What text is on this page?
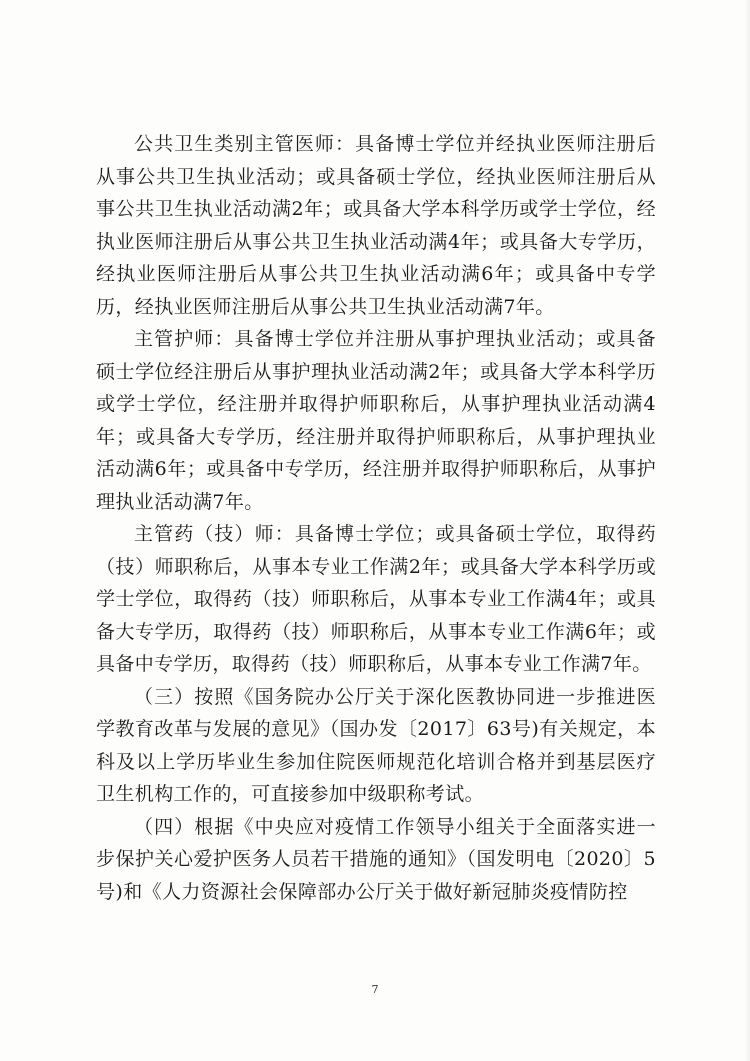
公共卫生类别主管医师：具备博士学位并经执业医师注册后从事公共卫生执业活动；或具备硕士学位，经执业医师注册后从事公共卫生执业活动满2年；或具备大学本科学历或学士学位，经执业医师注册后从事公共卫生执业活动满4年；或具备大专学历，经执业医师注册后从事公共卫生执业活动满6年；或具备中专学历，经执业医师注册后从事公共卫生执业活动满7年。

主管护师：具备博士学位并注册从事护理执业活动；或具备硕士学位经注册后从事护理执业活动满2年；或具备大学本科学历或学士学位，经注册并取得护师职称后，从事护理执业活动满4年；或具备大专学历，经注册并取得护师职称后，从事护理执业活动满6年；或具备中专学历，经注册并取得护师职称后，从事护理执业活动满7年。

主管药（技）师：具备博士学位；或具备硕士学位，取得药（技）师职称后，从事本专业工作满2年；或具备大学本科学历或学士学位，取得药（技）师职称后，从事本专业工作满4年；或具备大专学历，取得药（技）师职称后，从事本专业工作满6年；或具备中专学历，取得药（技）师职称后，从事本专业工作满7年。

（三）按照《国务院办公厅关于深化医教协同进一步推进医学教育改革与发展的意见》（国办发〔2017〕63号)有关规定，本科及以上学历毕业生参加住院医师规范化培训合格并到基层医疗卫生机构工作的，可直接参加中级职称考试。

（四）根据《中央应对疫情工作领导小组关于全面落实进一步保护关心爱护医务人员若干措施的通知》（国发明电〔2020〕5号)和《人力资源社会保障部办公厅关于做好新冠肺炎疫情防控

7
